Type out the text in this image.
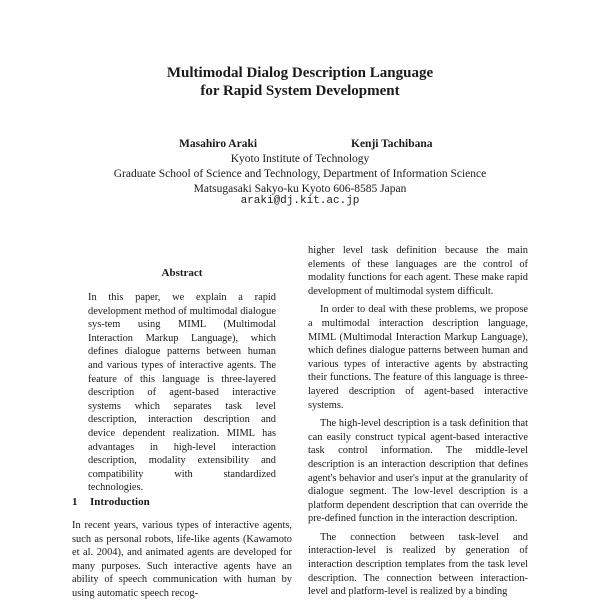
Multimodal Dialog Description Language
for Rapid System Development
Masahiro Araki	Kenji Tachibana
Kyoto Institute of Technology
Graduate School of Science and Technology, Department of Information Science
Matsugasaki Sakyo-ku Kyoto 606-8585 Japan
araki@dj.kit.ac.jp
Abstract

In this paper, we explain a rapid development method of multimodal dialogue sys-tem using MIML (Multimodal Interaction Markup Language), which defines dialogue patterns between human and various types of interactive agents. The feature of this language is three-layered description of agent-based interactive systems which separates task level description, interaction description and device dependent realization. MIML has advantages in high-level interaction description, modality extensibility and compatibility with standardized technologies.

1 Introduction

In recent years, various types of interactive agents, such as personal robots, life-like agents (Kawamoto et al. 2004), and animated agents are developed for many purposes. Such interactive agents have an ability of speech communication with human by using automatic speech recog-

higher level task definition because the main elements of these languages are the control of modality functions for each agent. These make rapid development of multimodal system difficult.

In order to deal with these problems, we propose a multimodal interaction description language, MIML (Multimodal Interaction Markup Language), which defines dialogue patterns between human and various types of interactive agents by abstracting their functions. The feature of this language is three-layered description of agent-based interactive systems.

The high-level description is a task definition that can easily construct typical agent-based interactive task control information. The middle-level description is an interaction description that defines agent's behavior and user's input at the granularity of dialogue segment. The low-level description is a platform dependent description that can override the pre-defined function in the interaction description.

The connection between task-level and interaction-level is realized by generation of interaction description templates from the task level description. The connection between interaction-level and platform-level is realized by a binding
